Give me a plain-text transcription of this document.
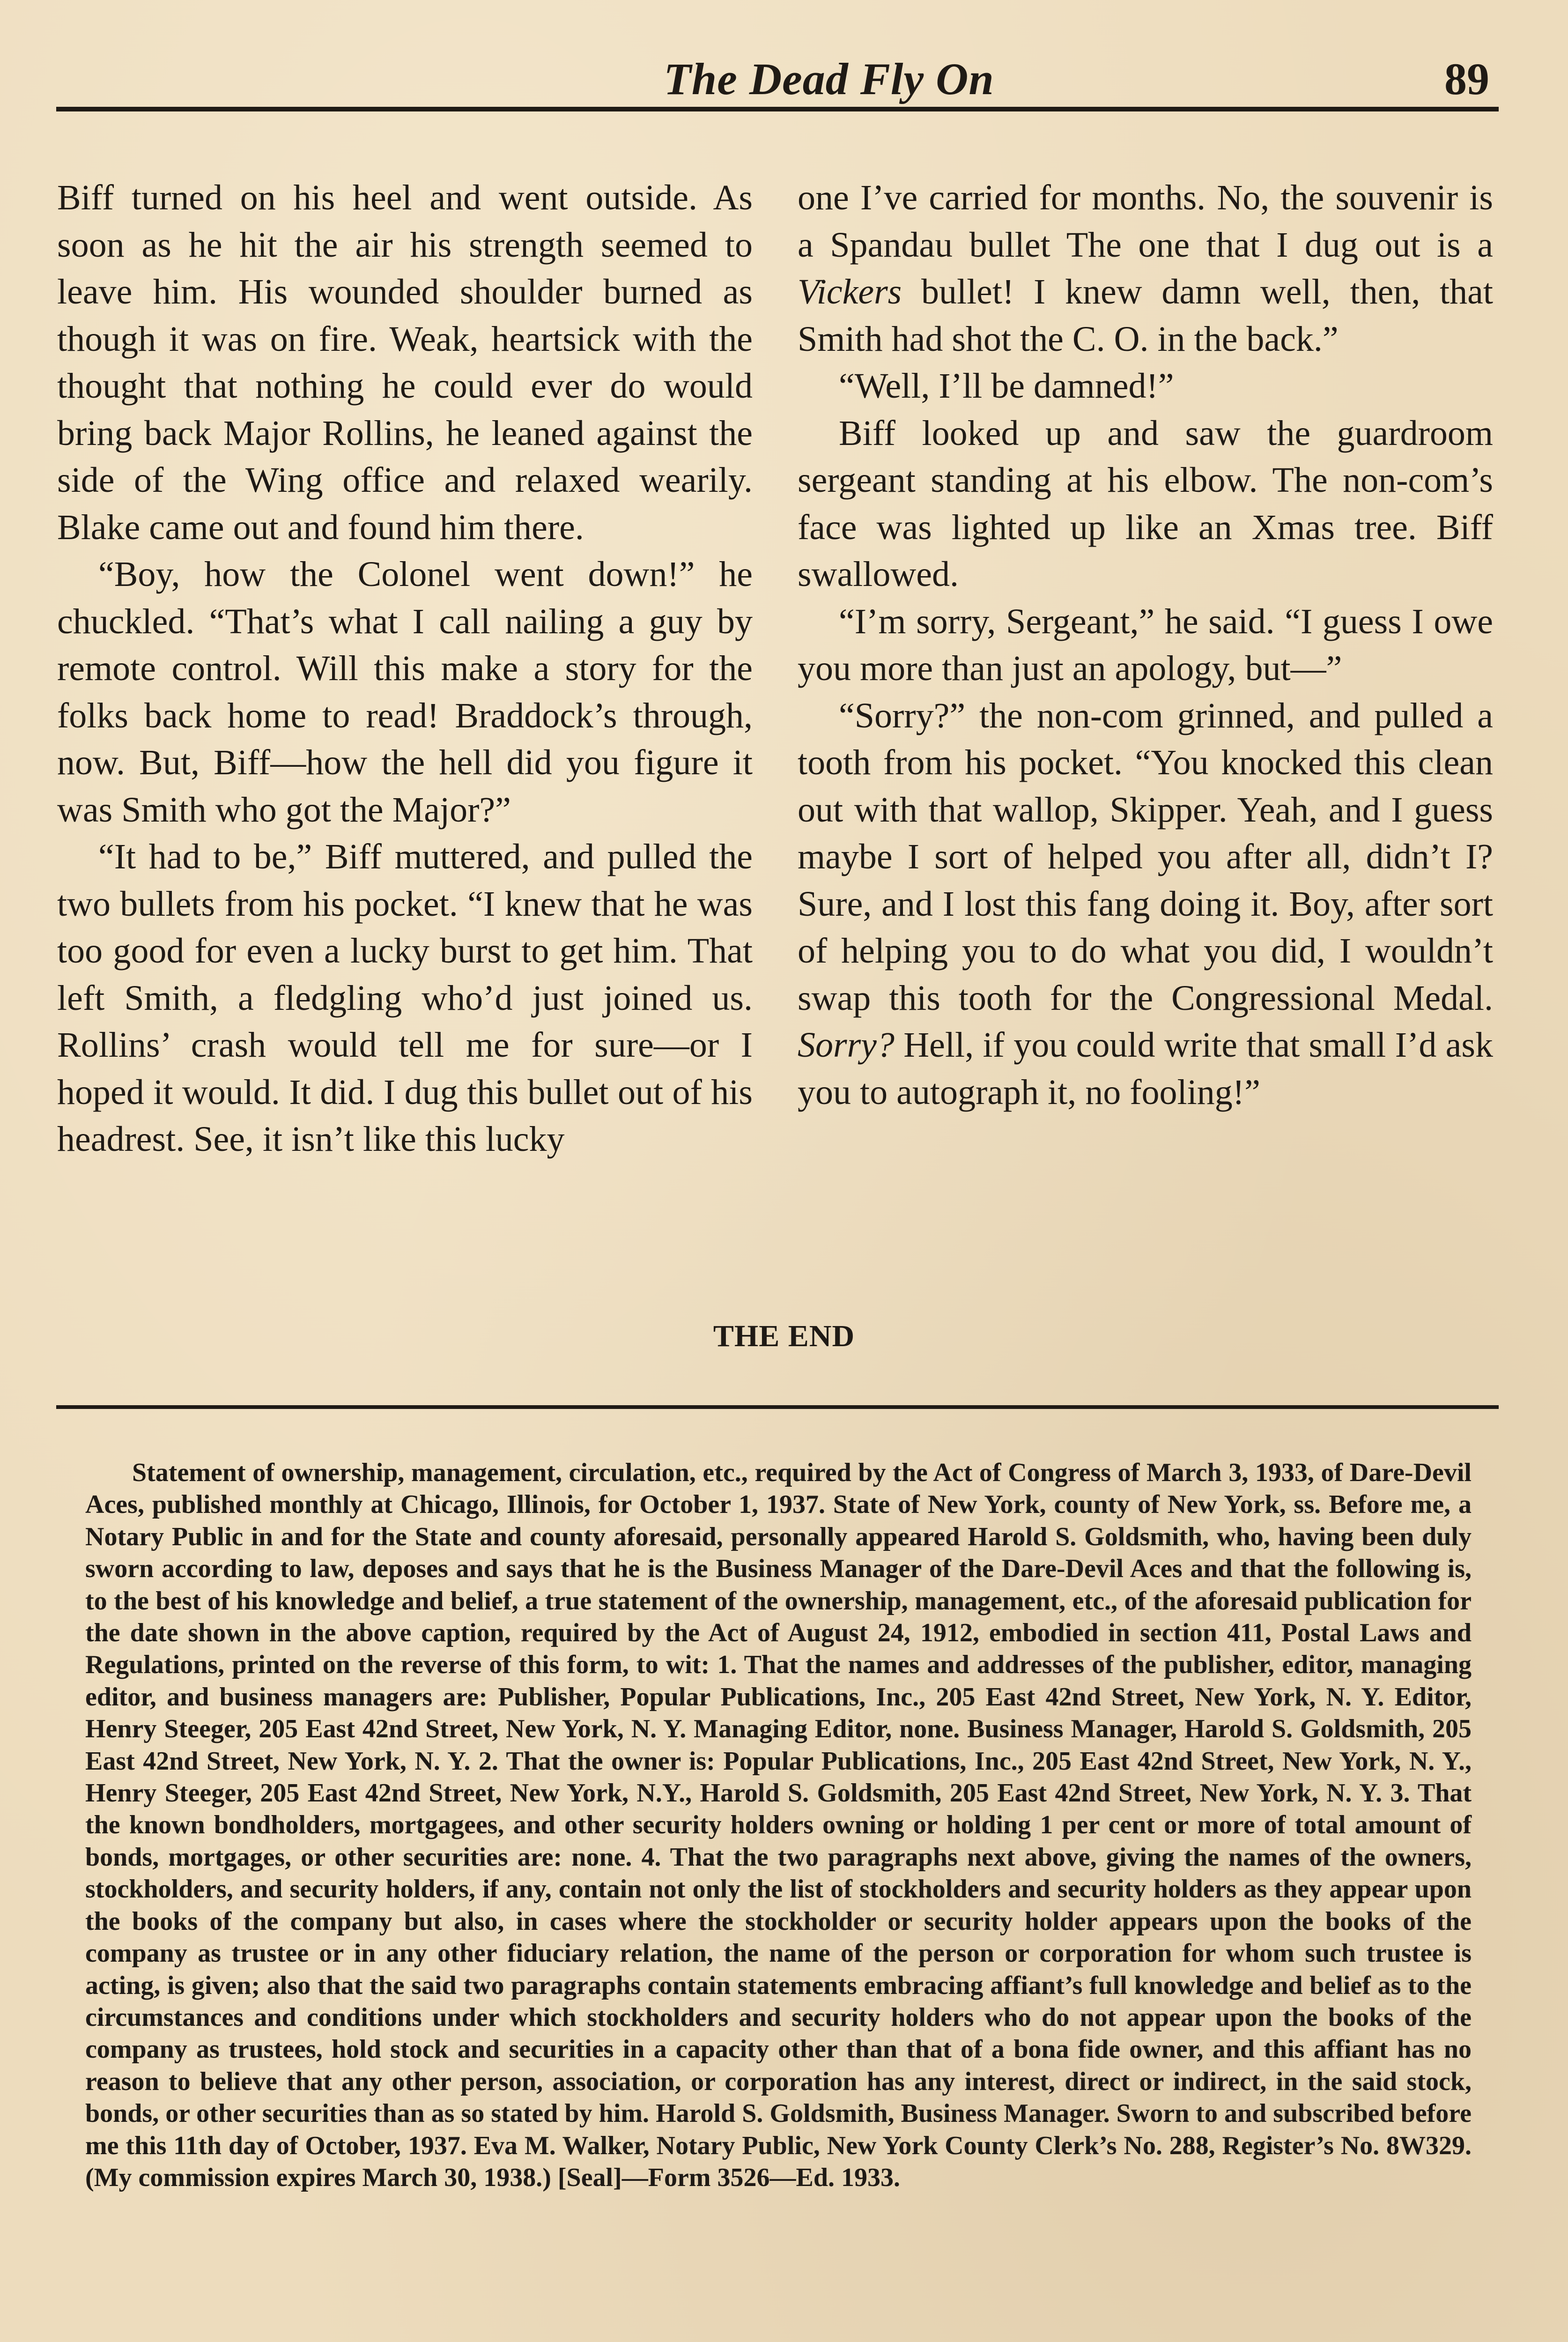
The Dead Fly On	89

Biff turned on his heel and went outside. As soon as he hit the air his strength seemed to leave him. His wounded shoulder burned as though it was on fire. Weak, heartsick with the thought that nothing he could ever do would bring back Major Rollins, he leaned against the side of the Wing office and relaxed wearily. Blake came out and found him there.

“Boy, how the Colonel went down!” he chuckled. “That’s what I call nailing a guy by remote control. Will this make a story for the folks back home to read! Braddock’s through, now. But, Biff—how the hell did you figure it was Smith who got the Major?”

“It had to be,” Biff muttered, and pulled the two bullets from his pocket. “I knew that he was too good for even a lucky burst to get him. That left Smith, a fledgling who’d just joined us. Rollins’ crash would tell me for sure—or I hoped it would. It did. I dug this bullet out of his headrest. See, it isn’t like this lucky

one I’ve carried for months. No, the souvenir is a Spandau bullet The one that I dug out is a Vickers bullet! I knew damn well, then, that Smith had shot the C. O. in the back.”

“Well, I’ll be damned!”

Biff looked up and saw the guardroom sergeant standing at his elbow. The non-com’s face was lighted up like an Xmas tree. Biff swallowed.

“I’m sorry, Sergeant,” he said. “I guess I owe you more than just an apology, but—”

“Sorry?” the non-com grinned, and pulled a tooth from his pocket. “You knocked this clean out with that wallop, Skipper. Yeah, and I guess maybe I sort of helped you after all, didn’t I? Sure, and I lost this fang doing it. Boy, after sort of helping you to do what you did, I wouldn’t swap this tooth for the Congressional Medal. Sorry? Hell, if you could write that small I’d ask you to autograph it, no fooling!”

THE END

Statement of ownership, management, circulation, etc., required by the Act of Congress of March 3, 1933, of Dare-Devil Aces, published monthly at Chicago, Illinois, for October 1, 1937. State of New York, county of New York, ss. Before me, a Notary Public in and for the State and county aforesaid, personally appeared Harold S. Goldsmith, who, having been duly sworn according to law, deposes and says that he is the Business Manager of the Dare-Devil Aces and that the following is, to the best of his knowledge and belief, a true statement of the ownership, management, etc., of the aforesaid publication for the date shown in the above caption, required by the Act of August 24, 1912, embodied in section 411, Postal Laws and Regulations, printed on the reverse of this form, to wit: 1. That the names and addresses of the publisher, editor, managing editor, and business managers are: Publisher, Popular Publications, Inc., 205 East 42nd Street, New York, N. Y. Editor, Henry Steeger, 205 East 42nd Street, New York, N. Y. Managing Editor, none. Business Manager, Harold S. Goldsmith, 205 East 42nd Street, New York, N. Y. 2. That the owner is: Popular Publications, Inc., 205 East 42nd Street, New York, N. Y., Henry Steeger, 205 East 42nd Street, New York, N.Y., Harold S. Goldsmith, 205 East 42nd Street, New York, N. Y. 3. That the known bondholders, mortgagees, and other security holders owning or holding 1 per cent or more of total amount of bonds, mortgages, or other securities are: none. 4. That the two paragraphs next above, giving the names of the owners, stockholders, and security holders, if any, contain not only the list of stockholders and security holders as they appear upon the books of the company but also, in cases where the stockholder or security holder appears upon the books of the company as trustee or in any other fiduciary relation, the name of the person or corporation for whom such trustee is acting, is given; also that the said two paragraphs contain statements embracing affiant’s full knowledge and belief as to the circumstances and conditions under which stockholders and security holders who do not appear upon the books of the company as trustees, hold stock and securities in a capacity other than that of a bona fide owner, and this affiant has no reason to believe that any other person, association, or corporation has any interest, direct or indirect, in the said stock, bonds, or other securities than as so stated by him. Harold S. Goldsmith, Business Manager. Sworn to and subscribed before me this 11th day of October, 1937. Eva M. Walker, Notary Public, New York County Clerk’s No. 288, Register’s No. 8W329. (My commission expires March 30, 1938.) [Seal]—Form 3526—Ed. 1933.
